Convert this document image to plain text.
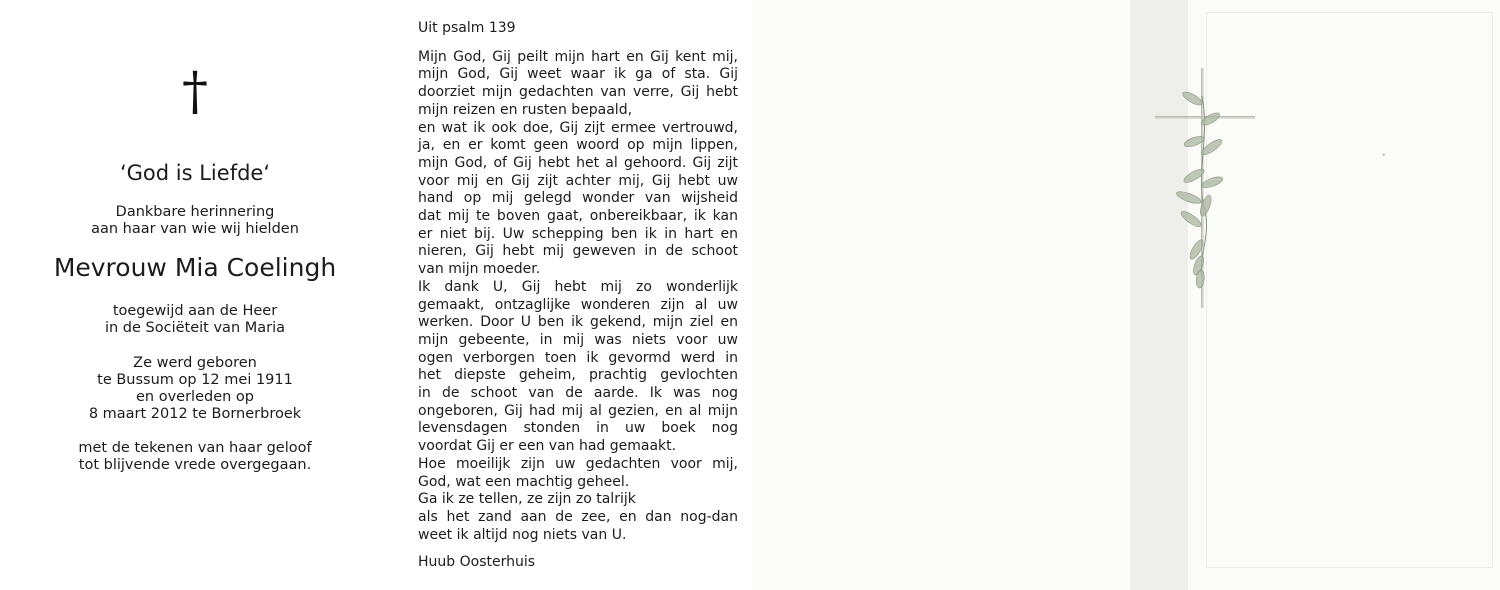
†
‘God is Liefde‘
Dankbare herinnering
aan haar van wie wij hielden
Mevrouw Mia Coelingh
toegewijd aan de Heer
in de Sociëteit van Maria
Ze werd geboren
te Bussum op 12 mei 1911
en overleden op
8 maart 2012 te Bornerbroek
met de tekenen van haar geloof
tot blijvende vrede overgegaan.
Uit psalm 139
Mijn God, Gij peilt mijn hart en Gij kent mij,
mijn God, Gij weet waar ik ga of sta. Gij
doorziet mijn gedachten van verre, Gij hebt
mijn reizen en rusten bepaald,
en wat ik ook doe, Gij zijt ermee vertrouwd,
ja, en er komt geen woord op mijn lippen,
mijn God, of Gij hebt het al gehoord. Gij zijt
voor mij en Gij zijt achter mij, Gij hebt uw
hand op mij gelegd wonder van wijsheid
dat mij te boven gaat, onbereikbaar, ik kan
er niet bij. Uw schepping ben ik in hart en
nieren, Gij hebt mij geweven in de schoot
van mijn moeder.
Ik dank U, Gij hebt mij zo wonderlijk
gemaakt, ontzaglijke wonderen zijn al uw
werken. Door U ben ik gekend, mijn ziel en
mijn gebeente, in mij was niets voor uw
ogen verborgen toen ik gevormd werd in
het diepste geheim, prachtig gevlochten
in de schoot van de aarde. Ik was nog
ongeboren, Gij had mij al gezien, en al mijn
levensdagen stonden in uw boek nog
voordat Gij er een van had gemaakt.
Hoe moeilijk zijn uw gedachten voor mij,
God, wat een machtig geheel.
Ga ik ze tellen, ze zijn zo talrijk
als het zand aan de zee, en dan nog-dan
weet ik altijd nog niets van U.
Huub Oosterhuis
•
